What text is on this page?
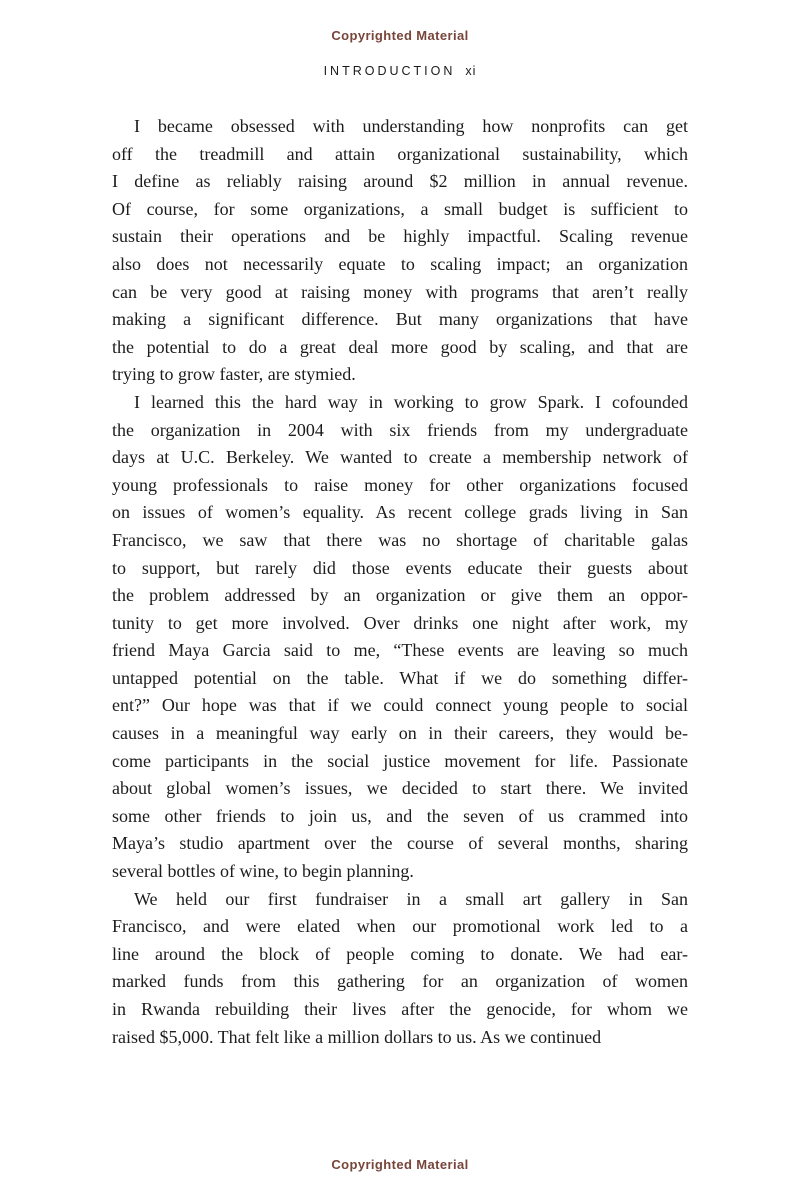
Copyrighted Material
INTRODUCTION xi
I became obsessed with understanding how nonprofits can get
off the treadmill and attain organizational sustainability, which
I define as reliably raising around $2 million in annual revenue.
Of course, for some organizations, a small budget is sufficient to
sustain their operations and be highly impactful. Scaling revenue
also does not necessarily equate to scaling impact; an organization
can be very good at raising money with programs that aren’t really
making a significant difference. But many organizations that have
the potential to do a great deal more good by scaling, and that are
trying to grow faster, are stymied.
I learned this the hard way in working to grow Spark. I cofounded
the organization in 2004 with six friends from my undergraduate
days at U.C. Berkeley. We wanted to create a membership network of
young professionals to raise money for other organizations focused
on issues of women’s equality. As recent college grads living in San
Francisco, we saw that there was no shortage of charitable galas
to support, but rarely did those events educate their guests about
the problem addressed by an organization or give them an oppor-
tunity to get more involved. Over drinks one night after work, my
friend Maya Garcia said to me, “These events are leaving so much
untapped potential on the table. What if we do something differ-
ent?” Our hope was that if we could connect young people to social
causes in a meaningful way early on in their careers, they would be-
come participants in the social justice movement for life. Passionate
about global women’s issues, we decided to start there. We invited
some other friends to join us, and the seven of us crammed into
Maya’s studio apartment over the course of several months, sharing
several bottles of wine, to begin planning.
We held our first fundraiser in a small art gallery in San
Francisco, and were elated when our promotional work led to a
line around the block of people coming to donate. We had ear-
marked funds from this gathering for an organization of women
in Rwanda rebuilding their lives after the genocide, for whom we
raised $5,000. That felt like a million dollars to us. As we continued
Copyrighted Material
